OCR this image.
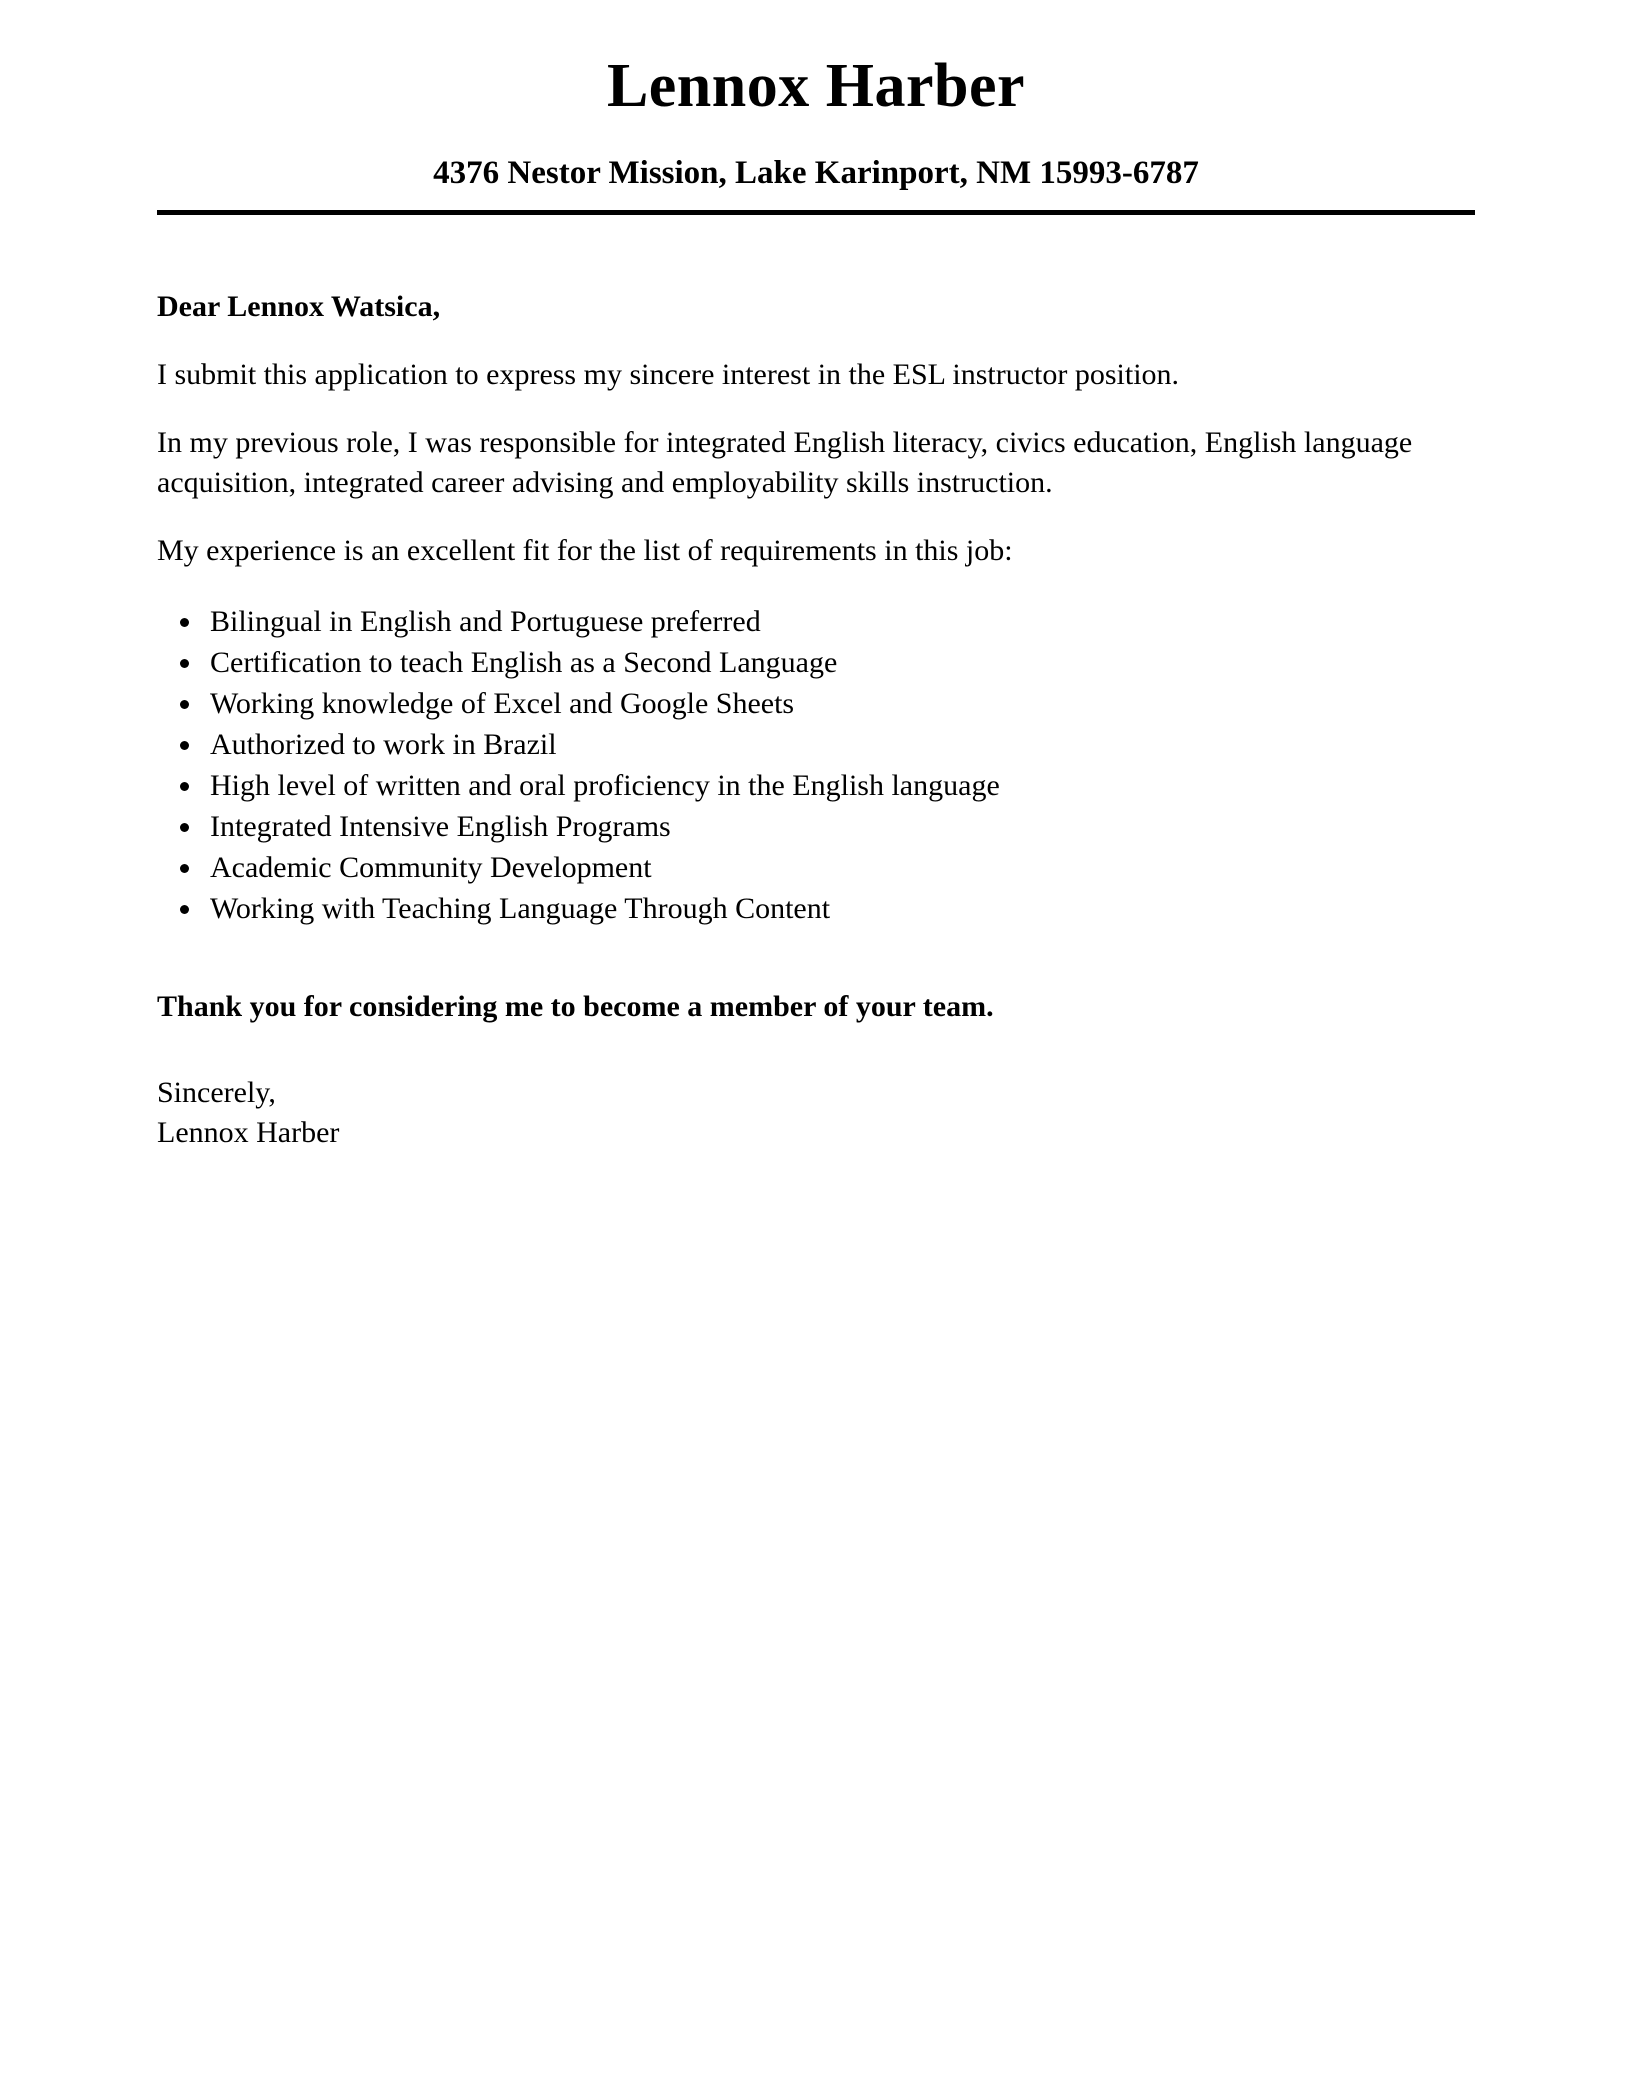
Lennox Harber
4376 Nestor Mission, Lake Karinport, NM 15993-6787
Dear Lennox Watsica,

I submit this application to express my sincere interest in the ESL instructor position.

In my previous role, I was responsible for integrated English literacy, civics education, English language acquisition, integrated career advising and employability skills instruction.

My experience is an excellent fit for the list of requirements in this job:

• Bilingual in English and Portuguese preferred
• Certification to teach English as a Second Language
• Working knowledge of Excel and Google Sheets
• Authorized to work in Brazil
• High level of written and oral proficiency in the English language
• Integrated Intensive English Programs
• Academic Community Development
• Working with Teaching Language Through Content
Thank you for considering me to become a member of your team.
Sincerely,
Lennox Harber
